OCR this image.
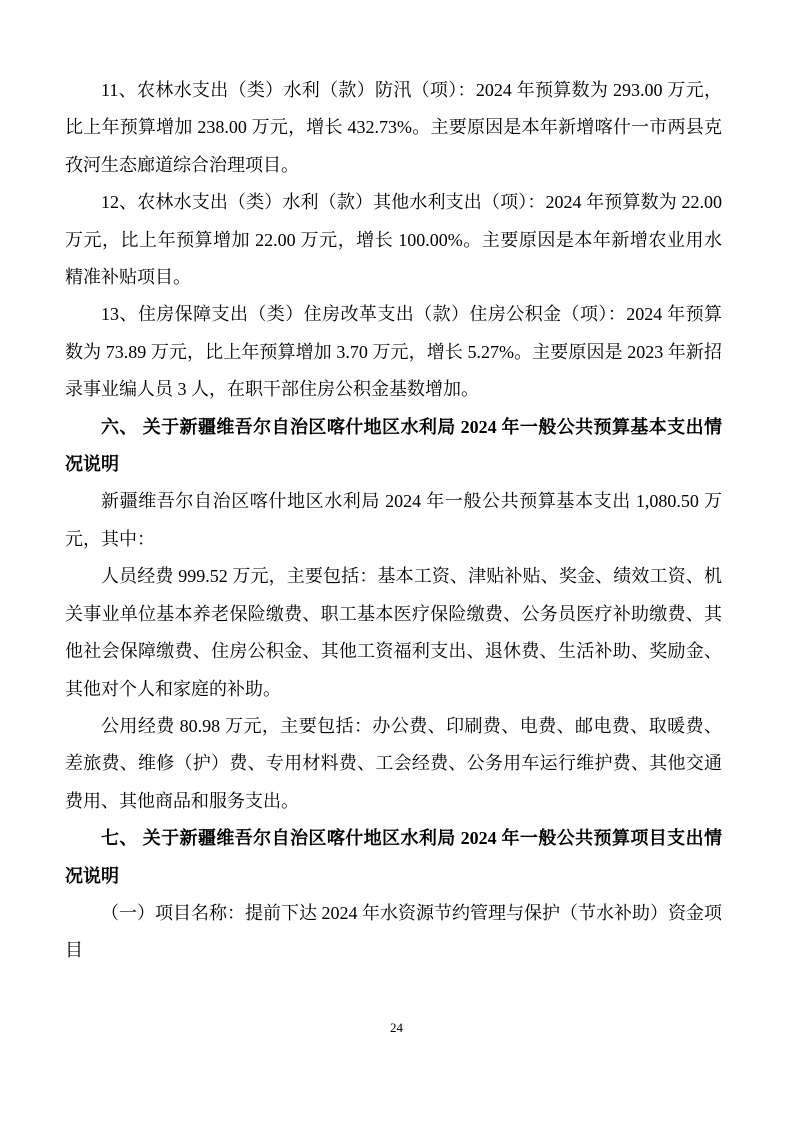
11、农林水支出（类）水利（款）防汛（项）：2024 年预算数为 293.00 万元，比上年预算增加 238.00 万元，增长 432.73%。主要原因是本年新增喀什一市两县克孜河生态廊道综合治理项目。

12、农林水支出（类）水利（款）其他水利支出（项）：2024 年预算数为 22.00 万元，比上年预算增加 22.00 万元，增长 100.00%。主要原因是本年新增农业用水精准补贴项目。

13、住房保障支出（类）住房改革支出（款）住房公积金（项）：2024 年预算数为 73.89 万元，比上年预算增加 3.70 万元，增长 5.27%。主要原因是 2023 年新招录事业编人员 3 人，在职干部住房公积金基数增加。

六、 关于新疆维吾尔自治区喀什地区水利局 2024 年一般公共预算基本支出情况说明

新疆维吾尔自治区喀什地区水利局 2024 年一般公共预算基本支出 1,080.50 万元，其中：

人员经费 999.52 万元，主要包括：基本工资、津贴补贴、奖金、绩效工资、机关事业单位基本养老保险缴费、职工基本医疗保险缴费、公务员医疗补助缴费、其他社会保障缴费、住房公积金、其他工资福利支出、退休费、生活补助、奖励金、其他对个人和家庭的补助。

公用经费 80.98 万元，主要包括：办公费、印刷费、电费、邮电费、取暖费、差旅费、维修（护）费、专用材料费、工会经费、公务用车运行维护费、其他交通费用、其他商品和服务支出。

七、 关于新疆维吾尔自治区喀什地区水利局 2024 年一般公共预算项目支出情况说明

（一）项目名称：提前下达 2024 年水资源节约管理与保护（节水补助）资金项目

24
